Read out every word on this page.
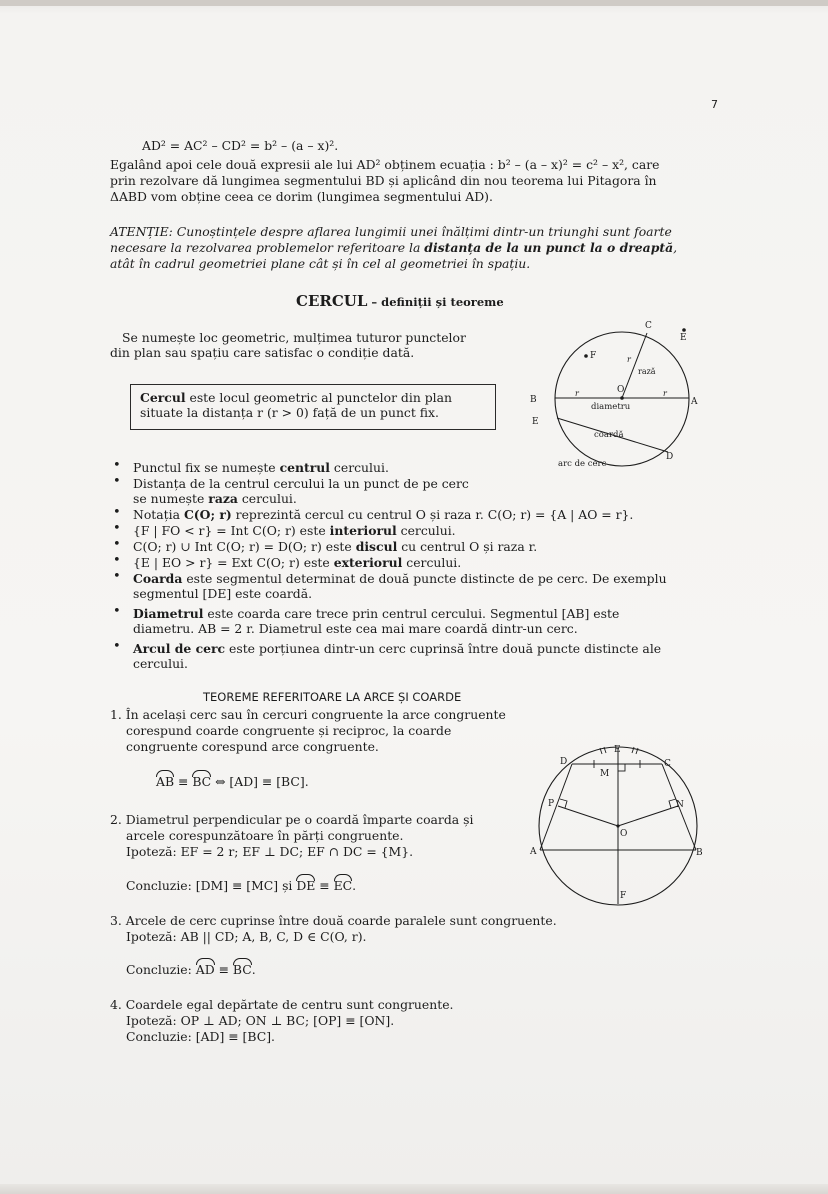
7
AD² = AC² – CD² = b² – (a – x)².
Egalând apoi cele două expresii ale lui AD² obținem ecuația : b² – (a – x)² = c² – x², care
prin rezolvare dă lungimea segmentului BD și aplicând din nou teorema lui Pitagora în
ΔABD vom obține ceea ce dorim (lungimea segmentului AD).
ATENȚIE: Cunoștințele despre aflarea lungimii unei înălțimi dintr-un triunghi sunt foarte
necesare la rezolvarea problemelor referitoare la distanța de la un punct la o dreaptă,
atât în cadrul geometriei plane cât și în cel al geometriei în spațiu.
CERCUL – definiții și teoreme
Se numește loc geometric, mulțimea tuturor punctelor
din plan sau spațiu care satisfac o condiție dată.
Cercul este locul geometric al punctelor din plan
situate la distanța r (r > 0) față de un punct fix.
C
E
F
O
r
rază
r	r
B	A
E
D
diametru
coardă
arc de cerc
• Punctul fix se numește centrul cercului.
• Distanța de la centrul cercului la un punct de pe cerc
se numește raza cercului.
• Notația C(O; r) reprezintă cercul cu centrul O și raza r. C(O; r) = {A | AO = r}.
• {F | FO < r} = Int C(O; r) este interiorul cercului.
• C(O; r) ∪ Int C(O; r) = D(O; r) este discul cu centrul O și raza r.
• {E | EO > r} = Ext C(O; r) este exteriorul cercului.
• Coarda este segmentul determinat de două puncte distincte de pe cerc. De exemplu
segmentul [DE] este coardă.
• Diametrul este coarda care trece prin centrul cercului. Segmentul [AB] este
diametru. AB = 2 r. Diametrul este cea mai mare coardă dintr-un cerc.
• Arcul de cerc este porțiunea dintr-un cerc cuprinsă între două puncte distincte ale
cercului.
TEOREME REFERITOARE LA ARCE ȘI COARDE
1. În același cerc sau în cercuri congruente la arce congruente
corespund coarde congruente și reciproc, la coarde
congruente corespund arce congruente.
AB ≡ BC ⇔ [AD] ≡ [BC].
2. Diametrul perpendicular pe o coardă împarte coarda și
arcele corespunzătoare în părți congruente.
Ipoteză: EF = 2 r; EF ⊥ DC; EF ∩ DC = {M}.
Concluzie: [DM] ≡ [MC] și DE ≡ EC.
3. Arcele de cerc cuprinse între două coarde paralele sunt congruente.
Ipoteză: AB || CD; A, B, C, D ∈ C(O, r).
Concluzie: AD ≡ BC.
4. Coardele egal depărtate de centru sunt congruente.
Ipoteză: OP ⊥ AD; ON ⊥ BC; [OP] ≡ [ON].
Concluzie: [AD] ≡ [BC].
E
D
M
C
P	N
O
A	B
F
